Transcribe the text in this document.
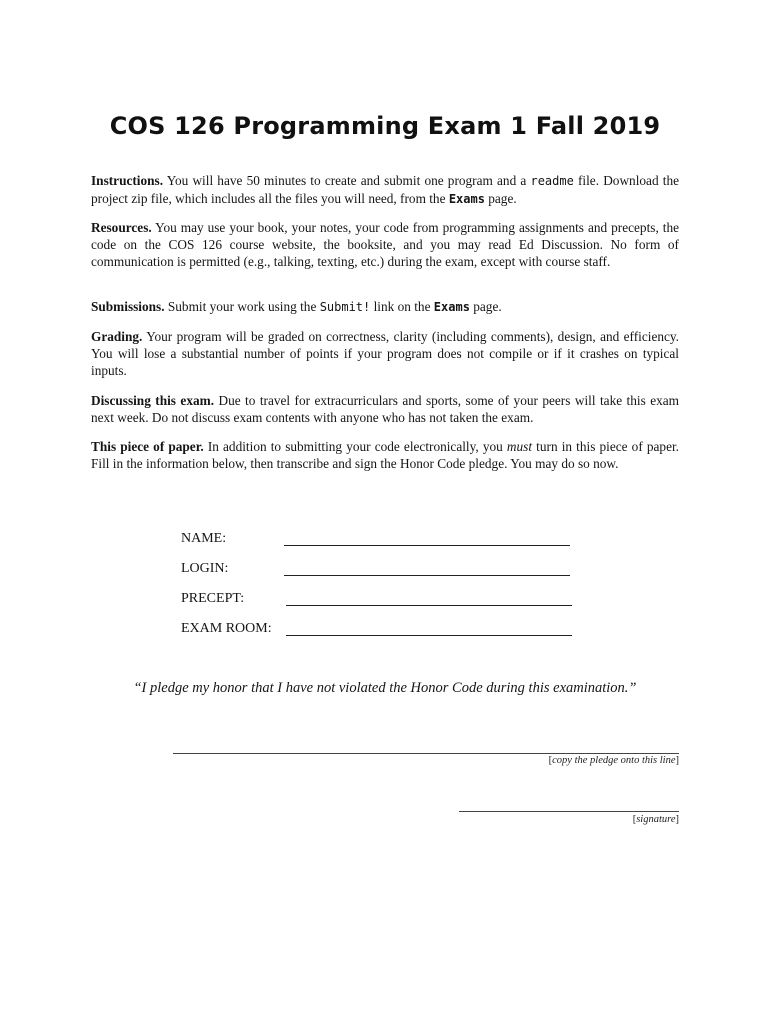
COS 126 Programming Exam 1 Fall 2019
Instructions. You will have 50 minutes to create and submit one program and a readme file. Download the project zip file, which includes all the files you will need, from the Exams page.
Resources. You may use your book, your notes, your code from programming assignments and precepts, the code on the COS 126 course website, the booksite, and you may read Ed Discussion. No form of communication is permitted (e.g., talking, texting, etc.) during the exam, except with course staff.
Submissions. Submit your work using the Submit! link on the Exams page.
Grading. Your program will be graded on correctness, clarity (including comments), design, and efficiency. You will lose a substantial number of points if your program does not compile or if it crashes on typical inputs.
Discussing this exam. Due to travel for extracurriculars and sports, some of your peers will take this exam next week. Do not discuss exam contents with anyone who has not taken the exam.
This piece of paper. In addition to submitting your code electronically, you must turn in this piece of paper. Fill in the information below, then transcribe and sign the Honor Code pledge. You may do so now.
NAME:
LOGIN:
PRECEPT:
EXAM ROOM:
“I pledge my honor that I have not violated the Honor Code during this examination.”
[copy the pledge onto this line]
[signature]
